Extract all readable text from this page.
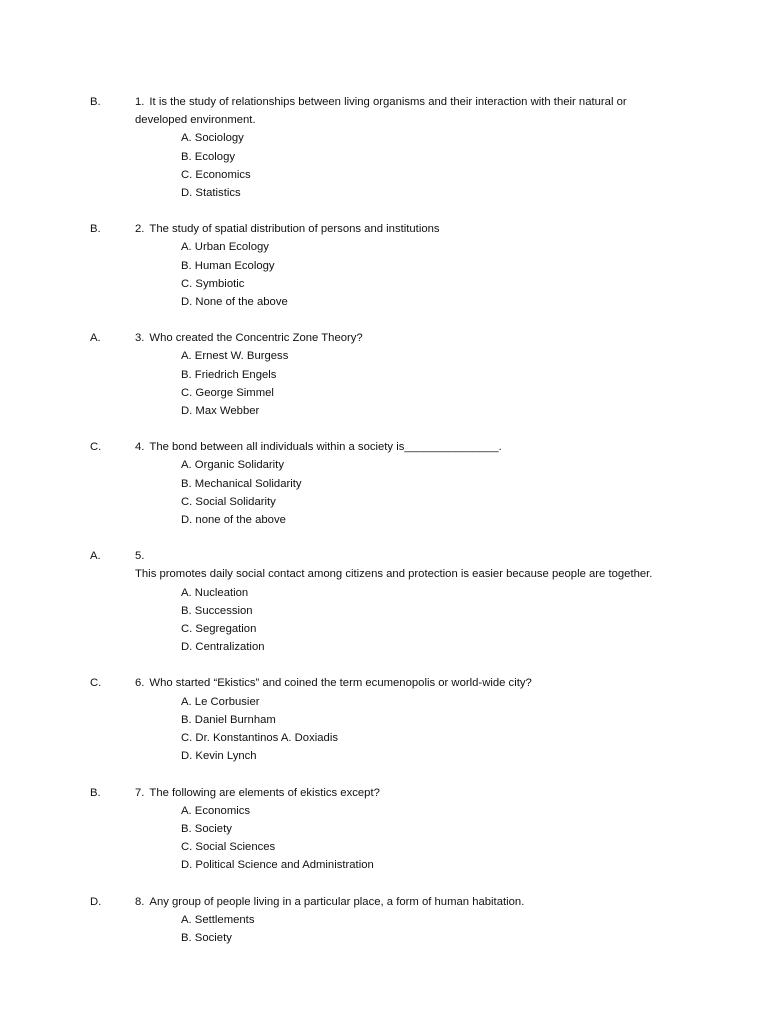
B.	1. It is the study of relationships between living organisms and their interaction with their natural or developed environment.
A. Sociology
B. Ecology
C. Economics
D. Statistics
B.	2. The study of spatial distribution of persons and institutions
A. Urban Ecology
B. Human Ecology
C. Symbiotic
D. None of the above
A.	3. Who created the Concentric Zone Theory?
A. Ernest W. Burgess
B. Friedrich Engels
C. George Simmel
D. Max Webber
C.	4. The bond between all individuals within a society is_______________.
A. Organic Solidarity
B. Mechanical Solidarity
C. Social Solidarity
D. none of the above
A.	5.This promotes daily social contact among citizens and protection is easier because people are together.
A. Nucleation
B. Succession
C. Segregation
D. Centralization
C.	6. Who started “Ekistics” and coined the term ecumenopolis or world-wide city?
A. Le Corbusier
B. Daniel Burnham
C. Dr. Konstantinos A. Doxiadis
D. Kevin Lynch
B.	7. The following are elements of ekistics except?
A. Economics
B. Society
C. Social Sciences
D. Political Science and Administration
D.	8. Any group of people living in a particular place, a form of human habitation.
A. Settlements
B. Society
